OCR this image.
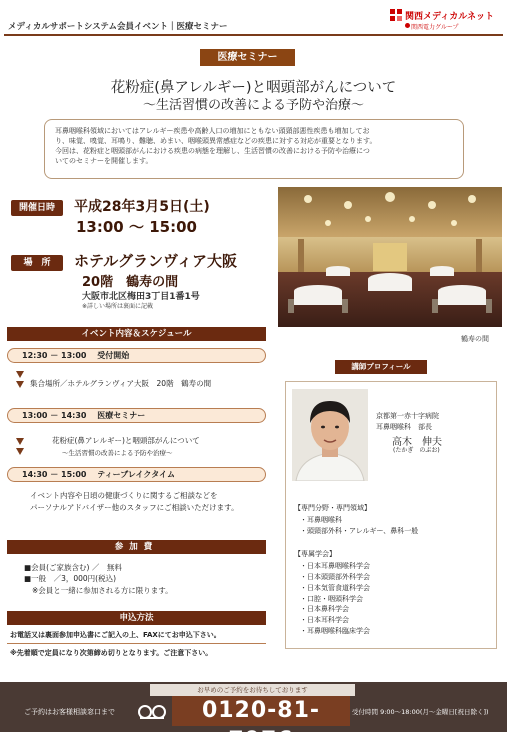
メディカルサポートシステム会員イベント｜医療セミナー
関西メディカルネット
関西電力グループ
医療セミナー
花粉症(鼻アレルギー)と咽頭部がんについて
～生活習慣の改善による予防や治療～
耳鼻咽喉科領域においてはアレルギー疾患や高齢人口の増加にともない頭頸部悪性疾患も増加してお
り、味覚、嗅覚、耳鳴り、難聴、めまい、咽喉頭異常感症などの疾患に対する対応が重要となります。
今回は、花粉症と咽頭部がんにおける疾患の病態を理解し、生活習慣の改善における予防や治療につ
いてのセミナーを開催します。
開催日時	平成28年3月5日(土)
13:00 ～ 15:00
場　所	ホテルグランヴィア大阪
20階　鶴寿の間
大阪市北区梅田3丁目1番1号
※詳しい場所は裏面に記載
鶴寿の間
イベント内容＆スケジュール
12:30 － 13:00　 受付開始
集合場所／ホテルグランヴィア大阪　20階　鶴寿の間
13:00 － 14:30　 医療セミナー
花粉症(鼻アレルギー)と咽頭部がんについて
～生活習慣の改善による予防や治療～
14:30 － 15:00　 ティーブレイクタイム
イベント内容や日頃の健康づくりに関するご相談などを
パーソナルアドバイザー他のスタッフにご相談いただけます。
参加費
■会員(ご家族含む) ／　無料
■一般　／3，000円(税込)
※会員と一緒に参加される方に限ります。
申込方法
お電話又は裏面参加申込書にご記入の上、FAXにてお申込下さい。
※先着順で定員になり次第締め切りとなります。ご注意下さい。
講師プロフィール
京都第一赤十字病院
耳鼻咽喉科　部長
高木　伸夫
(たかぎ　のぶお)
【専門分野・専門領域】
・耳鼻咽喉科
・頭頸部外科・アレルギー、鼻科一般
【専属学会】
・日本耳鼻咽喉科学会
・日本頭頸部外科学会
・日本気管食道科学会
・口腔・咽頭科学会
・日本鼻科学会
・日本耳科学会
・耳鼻咽喉科臨床学会
お早めのご予約をお待ちしております
ご予約はお客様相談窓口まで	0120-81-7976
受付時間 9:00～18:00(月～金曜日[祝日除く])
